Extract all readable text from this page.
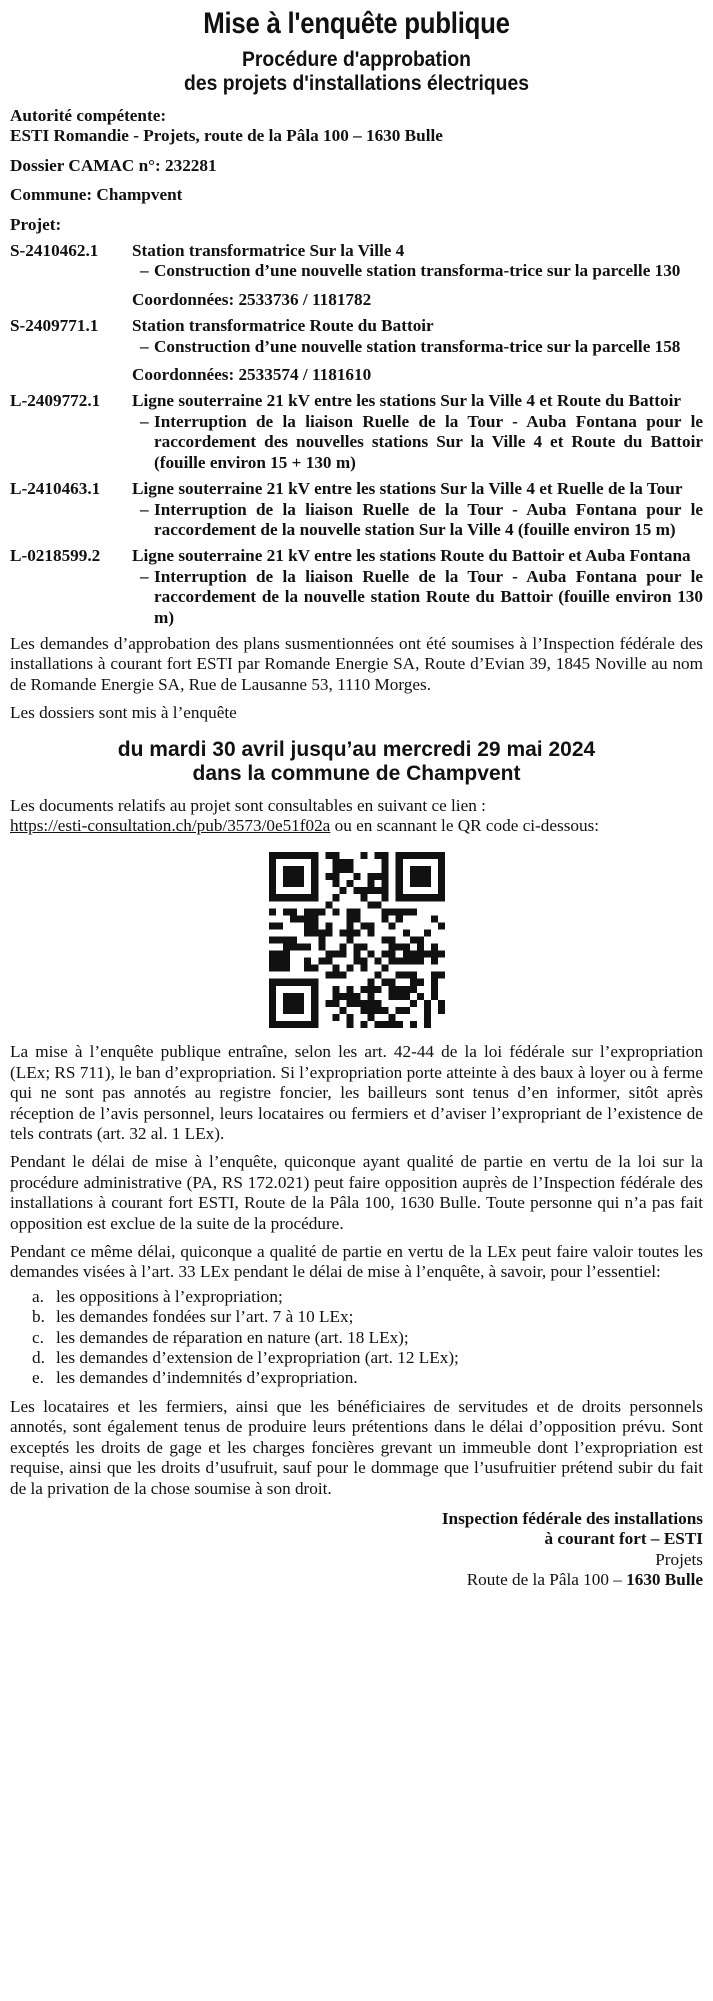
Mise à l'enquête publique
Procédure d'approbation
des projets d'installations électriques

Autorité compétente:

ESTI Romandie - Projets, route de la Pâla 100 – 1630 Bulle

Dossier CAMAC n°: 232281

Commune: Champvent

Projet:

S-2410462.1	Station transformatrice Sur la Ville 4
– Construction d’une nouvelle station transforma-trice sur la parcelle 130
Coordonnées: 2533736 / 1181782
S-2409771.1	Station transformatrice Route du Battoir
– Construction d’une nouvelle station transforma-trice sur la parcelle 158
Coordonnées: 2533574 / 1181610
L-2409772.1	Ligne souterraine 21 kV entre les stations Sur la Ville 4 et Route du Battoir
– Interruption de la liaison Ruelle de la Tour - Auba Fontana pour le raccordement des nouvelles stations Sur la Ville 4 et Route du Battoir (fouille environ 15 + 130 m)
L-2410463.1	Ligne souterraine 21 kV entre les stations Sur la Ville 4 et Ruelle de la Tour
– Interruption de la liaison Ruelle de la Tour - Auba Fontana pour le raccordement de la nouvelle station Sur la Ville 4 (fouille environ 15 m)
L-0218599.2	Ligne souterraine 21 kV entre les stations Route du Battoir et Auba Fontana
– Interruption de la liaison Ruelle de la Tour - Auba Fontana pour le raccordement de la nouvelle station Route du Battoir (fouille environ 130 m)

Les demandes d’approbation des plans susmentionnées ont été soumises à l’Inspection fédérale des installations à courant fort ESTI par Romande Energie SA, Route d’Evian 39, 1845 Noville au nom de Romande Energie SA, Rue de Lausanne 53, 1110 Morges.

Les dossiers sont mis à l’enquête

du mardi 30 avril jusqu’au mercredi 29 mai 2024
dans la commune de Champvent

Les documents relatifs au projet sont consultables en suivant ce lien :
https://esti-consultation.ch/pub/3573/0e51f02a ou en scannant le QR code ci-dessous:

La mise à l’enquête publique entraîne, selon les art. 42-44 de la loi fédérale sur l’expropriation (LEx; RS 711), le ban d’expropriation. Si l’expropriation porte atteinte à des baux à loyer ou à ferme qui ne sont pas annotés au registre foncier, les bailleurs sont tenus d’en informer, sitôt après réception de l’avis personnel, leurs locataires ou fermiers et d’aviser l’expropriant de l’existence de tels contrats (art. 32 al. 1 LEx).

Pendant le délai de mise à l’enquête, quiconque ayant qualité de partie en vertu de la loi sur la procédure administrative (PA, RS 172.021) peut faire opposition auprès de l’Inspection fédérale des installations à courant fort ESTI, Route de la Pâla 100, 1630 Bulle. Toute personne qui n’a pas fait opposition est exclue de la suite de la procédure.

Pendant ce même délai, quiconque a qualité de partie en vertu de la LEx peut faire valoir toutes les demandes visées à l’art. 33 LEx pendant le délai de mise à l’enquête, à savoir, pour l’essentiel:

a. les oppositions à l’expropriation;
b. les demandes fondées sur l’art. 7 à 10 LEx;
c. les demandes de réparation en nature (art. 18 LEx);
d. les demandes d’extension de l’expropriation (art. 12 LEx);
e. les demandes d’indemnités d’expropriation.

Les locataires et les fermiers, ainsi que les bénéficiaires de servitudes et de droits personnels annotés, sont également tenus de produire leurs prétentions dans le délai d’opposition prévu. Sont exceptés les droits de gage et les charges foncières grevant un immeuble dont l’expropriation est requise, ainsi que les droits d’usufruit, sauf pour le dommage que l’usufruitier prétend subir du fait de la privation de la chose soumise à son droit.

Inspection fédérale des installations
à courant fort – ESTI
Projets
Route de la Pâla 100 – 1630 Bulle
